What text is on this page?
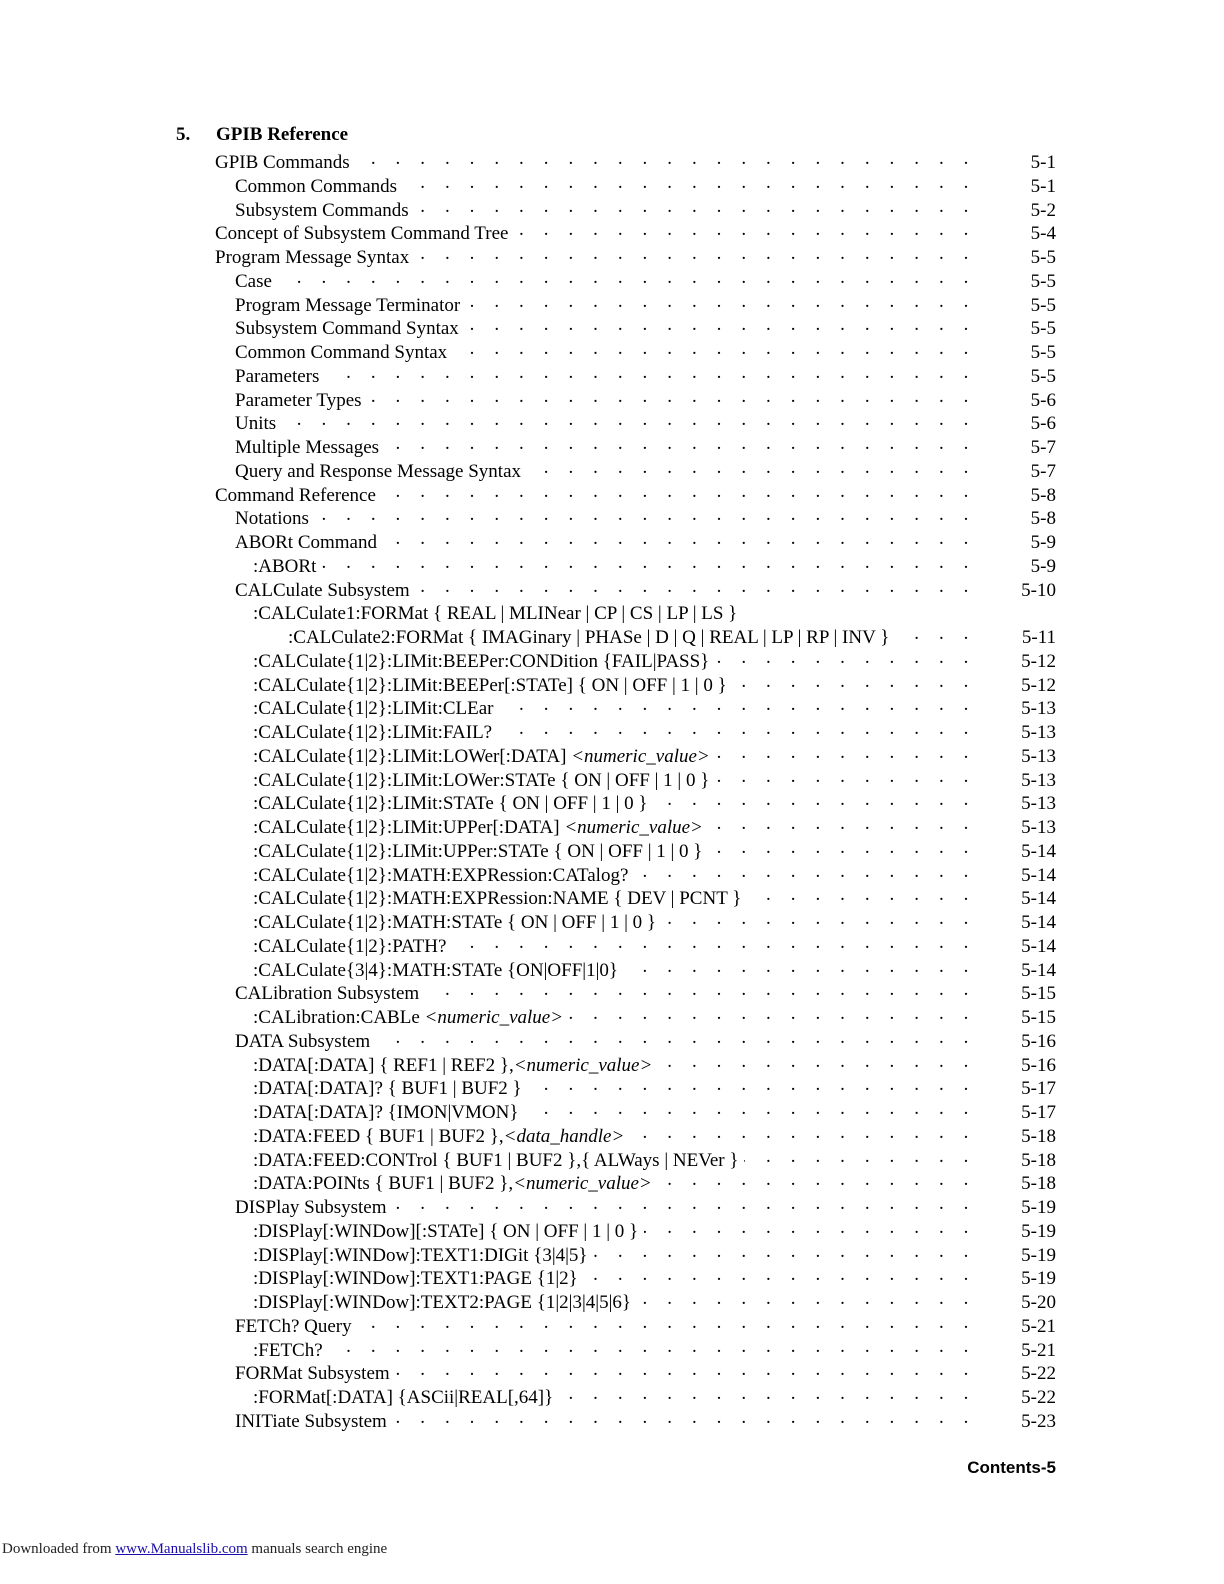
5. GPIB Reference
GPIB Commands . . .	5-1
Common Commands . . .	5-1
Subsystem Commands . . .	5-2
Concept of Subsystem Command Tree . . .	5-4
Program Message Syntax . . .	5-5
Case . . .	5-5
Program Message Terminator . . .	5-5
Subsystem Command Syntax . . .	5-5
Common Command Syntax . . .	5-5
Parameters . . .	5-5
Parameter Types . . .	5-6
Units . . .	5-6
Multiple Messages . . .	5-7
Query and Response Message Syntax . . .	5-7
Command Reference . . .	5-8
Notations . . .	5-8
ABORt Command . . .	5-9
:ABORt . . .	5-9
CALCulate Subsystem . . .	5-10
:CALCulate1:FORMat { REAL | MLINear | CP | CS | LP | LS }
:CALCulate2:FORMat { IMAGinary | PHASe | D | Q | REAL | LP | RP | INV } . . .	5-11
:CALCulate{1|2}:LIMit:BEEPer:CONDition {FAIL|PASS} . . .	5-12
:CALCulate{1|2}:LIMit:BEEPer[:STATe] { ON | OFF | 1 | 0 } . . .	5-12
:CALCulate{1|2}:LIMit:CLEar . . .	5-13
:CALCulate{1|2}:LIMit:FAIL? . . .	5-13
:CALCulate{1|2}:LIMit:LOWer[:DATA] <numeric_value> . . .	5-13
:CALCulate{1|2}:LIMit:LOWer:STATe { ON | OFF | 1 | 0 } . . .	5-13
:CALCulate{1|2}:LIMit:STATe { ON | OFF | 1 | 0 } . . .	5-13
:CALCulate{1|2}:LIMit:UPPer[:DATA] <numeric_value> . . .	5-13
:CALCulate{1|2}:LIMit:UPPer:STATe { ON | OFF | 1 | 0 } . . .	5-14
:CALCulate{1|2}:MATH:EXPRession:CATalog? . . .	5-14
:CALCulate{1|2}:MATH:EXPRession:NAME { DEV | PCNT } . . .	5-14
:CALCulate{1|2}:MATH:STATe { ON | OFF | 1 | 0 } . . .	5-14
:CALCulate{1|2}:PATH? . . .	5-14
:CALCulate{3|4}:MATH:STATe {ON|OFF|1|0} . . .	5-14
CALibration Subsystem . . .	5-15
:CALibration:CABLe <numeric_value> . . .	5-15
DATA Subsystem . . .	5-16
:DATA[:DATA] { REF1 | REF2 },<numeric_value> . . .	5-16
:DATA[:DATA]? { BUF1 | BUF2 } . . .	5-17
:DATA[:DATA]? {IMON|VMON} . . .	5-17
:DATA:FEED { BUF1 | BUF2 },<data_handle> . . .	5-18
:DATA:FEED:CONTrol { BUF1 | BUF2 },{ ALWays | NEVer } . . .	5-18
:DATA:POINts { BUF1 | BUF2 },<numeric_value> . . .	5-18
DISPlay Subsystem . . .	5-19
:DISPlay[:WINDow][:STATe] { ON | OFF | 1 | 0 } . . .	5-19
:DISPlay[:WINDow]:TEXT1:DIGit {3|4|5} . . .	5-19
:DISPlay[:WINDow]:TEXT1:PAGE {1|2} . . .	5-19
:DISPlay[:WINDow]:TEXT2:PAGE {1|2|3|4|5|6} . . .	5-20
FETCh? Query . . .	5-21
:FETCh? . . .	5-21
FORMat Subsystem . . .	5-22
:FORMat[:DATA] {ASCii|REAL[,64]} . . .	5-22
INITiate Subsystem . . .	5-23
Contents-5
Downloaded from www.Manualslib.com manuals search engine
